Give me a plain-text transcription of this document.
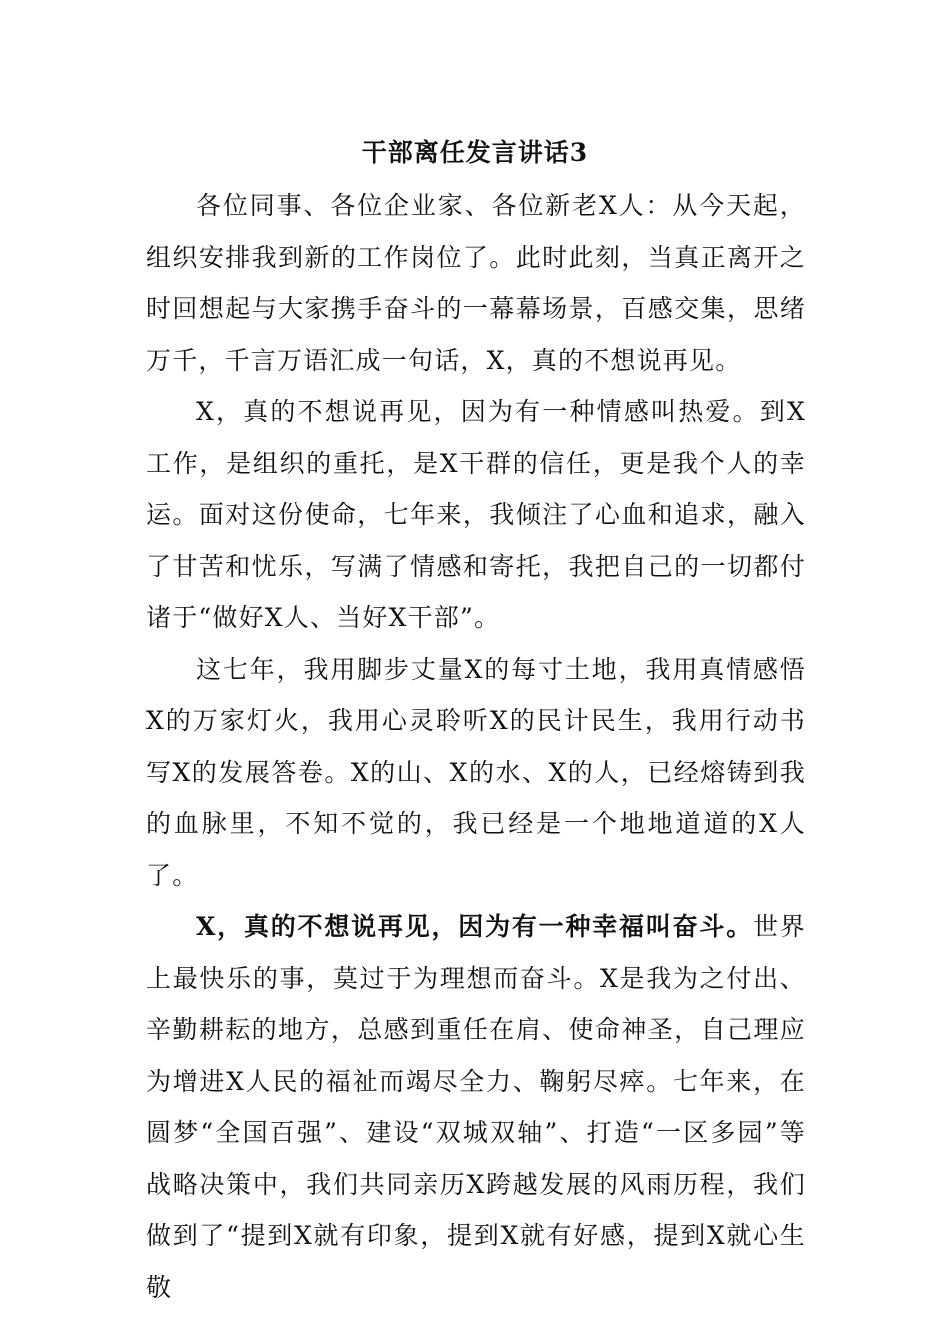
干部离任发言讲话3

各位同事、各位企业家、各位新老X人：从今天起，组织安排我到新的工作岗位了。此时此刻，当真正离开之时回想起与大家携手奋斗的一幕幕场景，百感交集，思绪万千，千言万语汇成一句话，X，真的不想说再见。

X，真的不想说再见，因为有一种情感叫热爱。到X工作，是组织的重托，是X干群的信任，更是我个人的幸运。面对这份使命，七年来，我倾注了心血和追求，融入了甘苦和忧乐，写满了情感和寄托，我把自己的一切都付诸于“做好X人、当好X干部”。

这七年，我用脚步丈量X的每寸土地，我用真情感悟X的万家灯火，我用心灵聆听X的民计民生，我用行动书写X的发展答卷。X的山、X的水、X的人，已经熔铸到我的血脉里，不知不觉的，我已经是一个地地道道的X人了。

X，真的不想说再见，因为有一种幸福叫奋斗。世界上最快乐的事，莫过于为理想而奋斗。X是我为之付出、辛勤耕耘的地方，总感到重任在肩、使命神圣，自己理应为增进X人民的福祉而竭尽全力、鞠躬尽瘁。七年来，在圆梦“全国百强”、建设“双城双轴”、打造“一区多园”等战略决策中，我们共同亲历X跨越发展的风雨历程，我们做到了“提到X就有印象，提到X就有好感，提到X就心生敬
